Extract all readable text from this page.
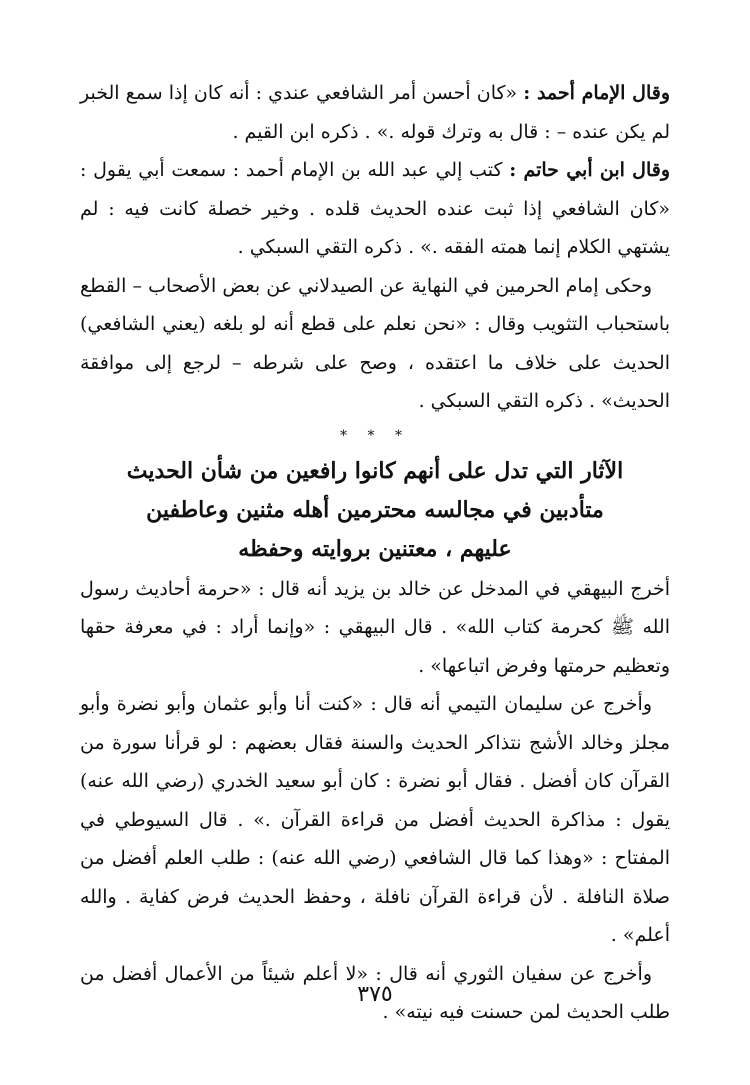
وقال الإمام أحمد : «كان أحسن أمر الشافعي عندي : أنه كان إذا سمع الخبر لم يكن عنده – : قال به وترك قوله .» . ذكره ابن القيم .

وقال ابن أبي حاتم : كتب إلي عبد الله بن الإمام أحمد : سمعت أبي يقول : «كان الشافعي إذا ثبت عنده الحديث قلده . وخير خصلة كانت فيه : لم يشتهي الكلام إنما همته الفقه .» . ذكره التقي السبكي .

وحكى إمام الحرمين في النهاية عن الصيدلاني عن بعض الأصحاب – القطع باستحباب التثويب وقال : «نحن نعلم على قطع أنه لو بلغه (يعني الشافعي) الحديث على خلاف ما اعتقده ، وصح على شرطه – لرجع إلى موافقة الحديث» . ذكره التقي السبكي .

* * *
الآثار التي تدل على أنهم كانوا رافعين من شأن الحديث
متأدبين في مجالسه محترمين أهله مثنين وعاطفين
عليهم ، معتنين بروايته وحفظه

أخرج البيهقي في المدخل عن خالد بن يزيد أنه قال : «حرمة أحاديث رسول الله ﷺ كحرمة كتاب الله» . قال البيهقي : «وإنما أراد : في معرفة حقها وتعظيم حرمتها وفرض اتباعها» .

وأخرج عن سليمان التيمي أنه قال : «كنت أنا وأبو عثمان وأبو نضرة وأبو مجلز وخالد الأشج نتذاكر الحديث والسنة فقال بعضهم : لو قرأنا سورة من القرآن كان أفضل . فقال أبو نضرة : كان أبو سعيد الخدري (رضي الله عنه) يقول : مذاكرة الحديث أفضل من قراءة القرآن .» . قال السيوطي في المفتاح : «وهذا كما قال الشافعي (رضي الله عنه) : طلب العلم أفضل من صلاة النافلة . لأن قراءة القرآن نافلة ، وحفظ الحديث فرض كفاية . والله أعلم» .

وأخرج عن سفيان الثوري أنه قال : «لا أعلم شيئاً من الأعمال أفضل من طلب الحديث لمن حسنت فيه نيته» .

٣٧٥
